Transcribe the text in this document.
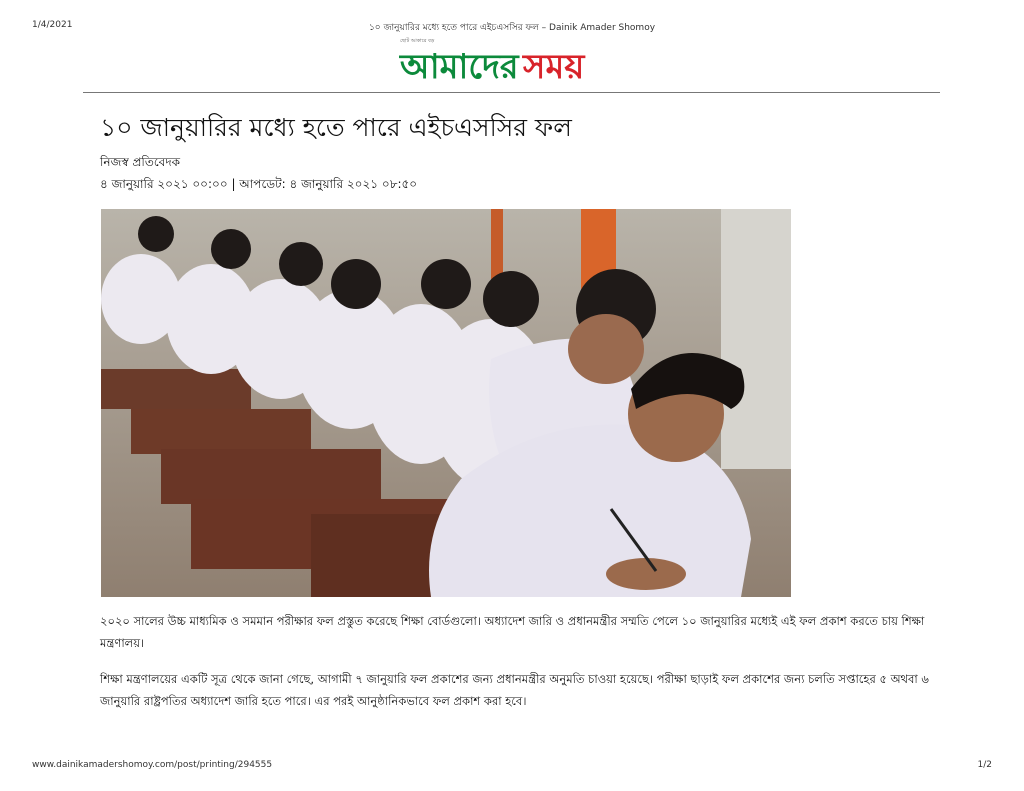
1/4/2021	১০ জানুয়ারির মধ্যে হতে পারে এইচএসসির ফল – Dainik Amader Shomoy
ছোট আকারে বড়
আমাদের সময়
১০ জানুয়ারির মধ্যে হতে পারে এইচএসসির ফল
নিজস্ব প্রতিবেদক
৪ জানুয়ারি ২০২১ ০০:০০ | আপডেট: ৪ জানুয়ারি ২০২১ ০৮:৫০

২০২০ সালের উচ্চ মাধ্যমিক ও সমমান পরীক্ষার ফল প্রস্তুত করেছে শিক্ষা বোর্ডগুলো। অধ্যাদেশ জারি ও প্রধানমন্ত্রীর সম্মতি পেলে ১০ জানুয়ারির মধ্যেই এই ফল প্রকাশ করতে চায় শিক্ষা মন্ত্রণালয়।

শিক্ষা মন্ত্রণালয়ের একটি সূত্র থেকে জানা গেছে, আগামী ৭ জানুয়ারি ফল প্রকাশের জন্য প্রধানমন্ত্রীর অনুমতি চাওয়া হয়েছে। পরীক্ষা ছাড়াই ফল প্রকাশের জন্য চলতি সপ্তাহের ৫ অথবা ৬ জানুয়ারি রাষ্ট্রপতির অধ্যাদেশ জারি হতে পারে। এর পরই আনুষ্ঠানিকভাবে ফল প্রকাশ করা হবে।

www.dainikamadershomoy.com/post/printing/294555	1/2
